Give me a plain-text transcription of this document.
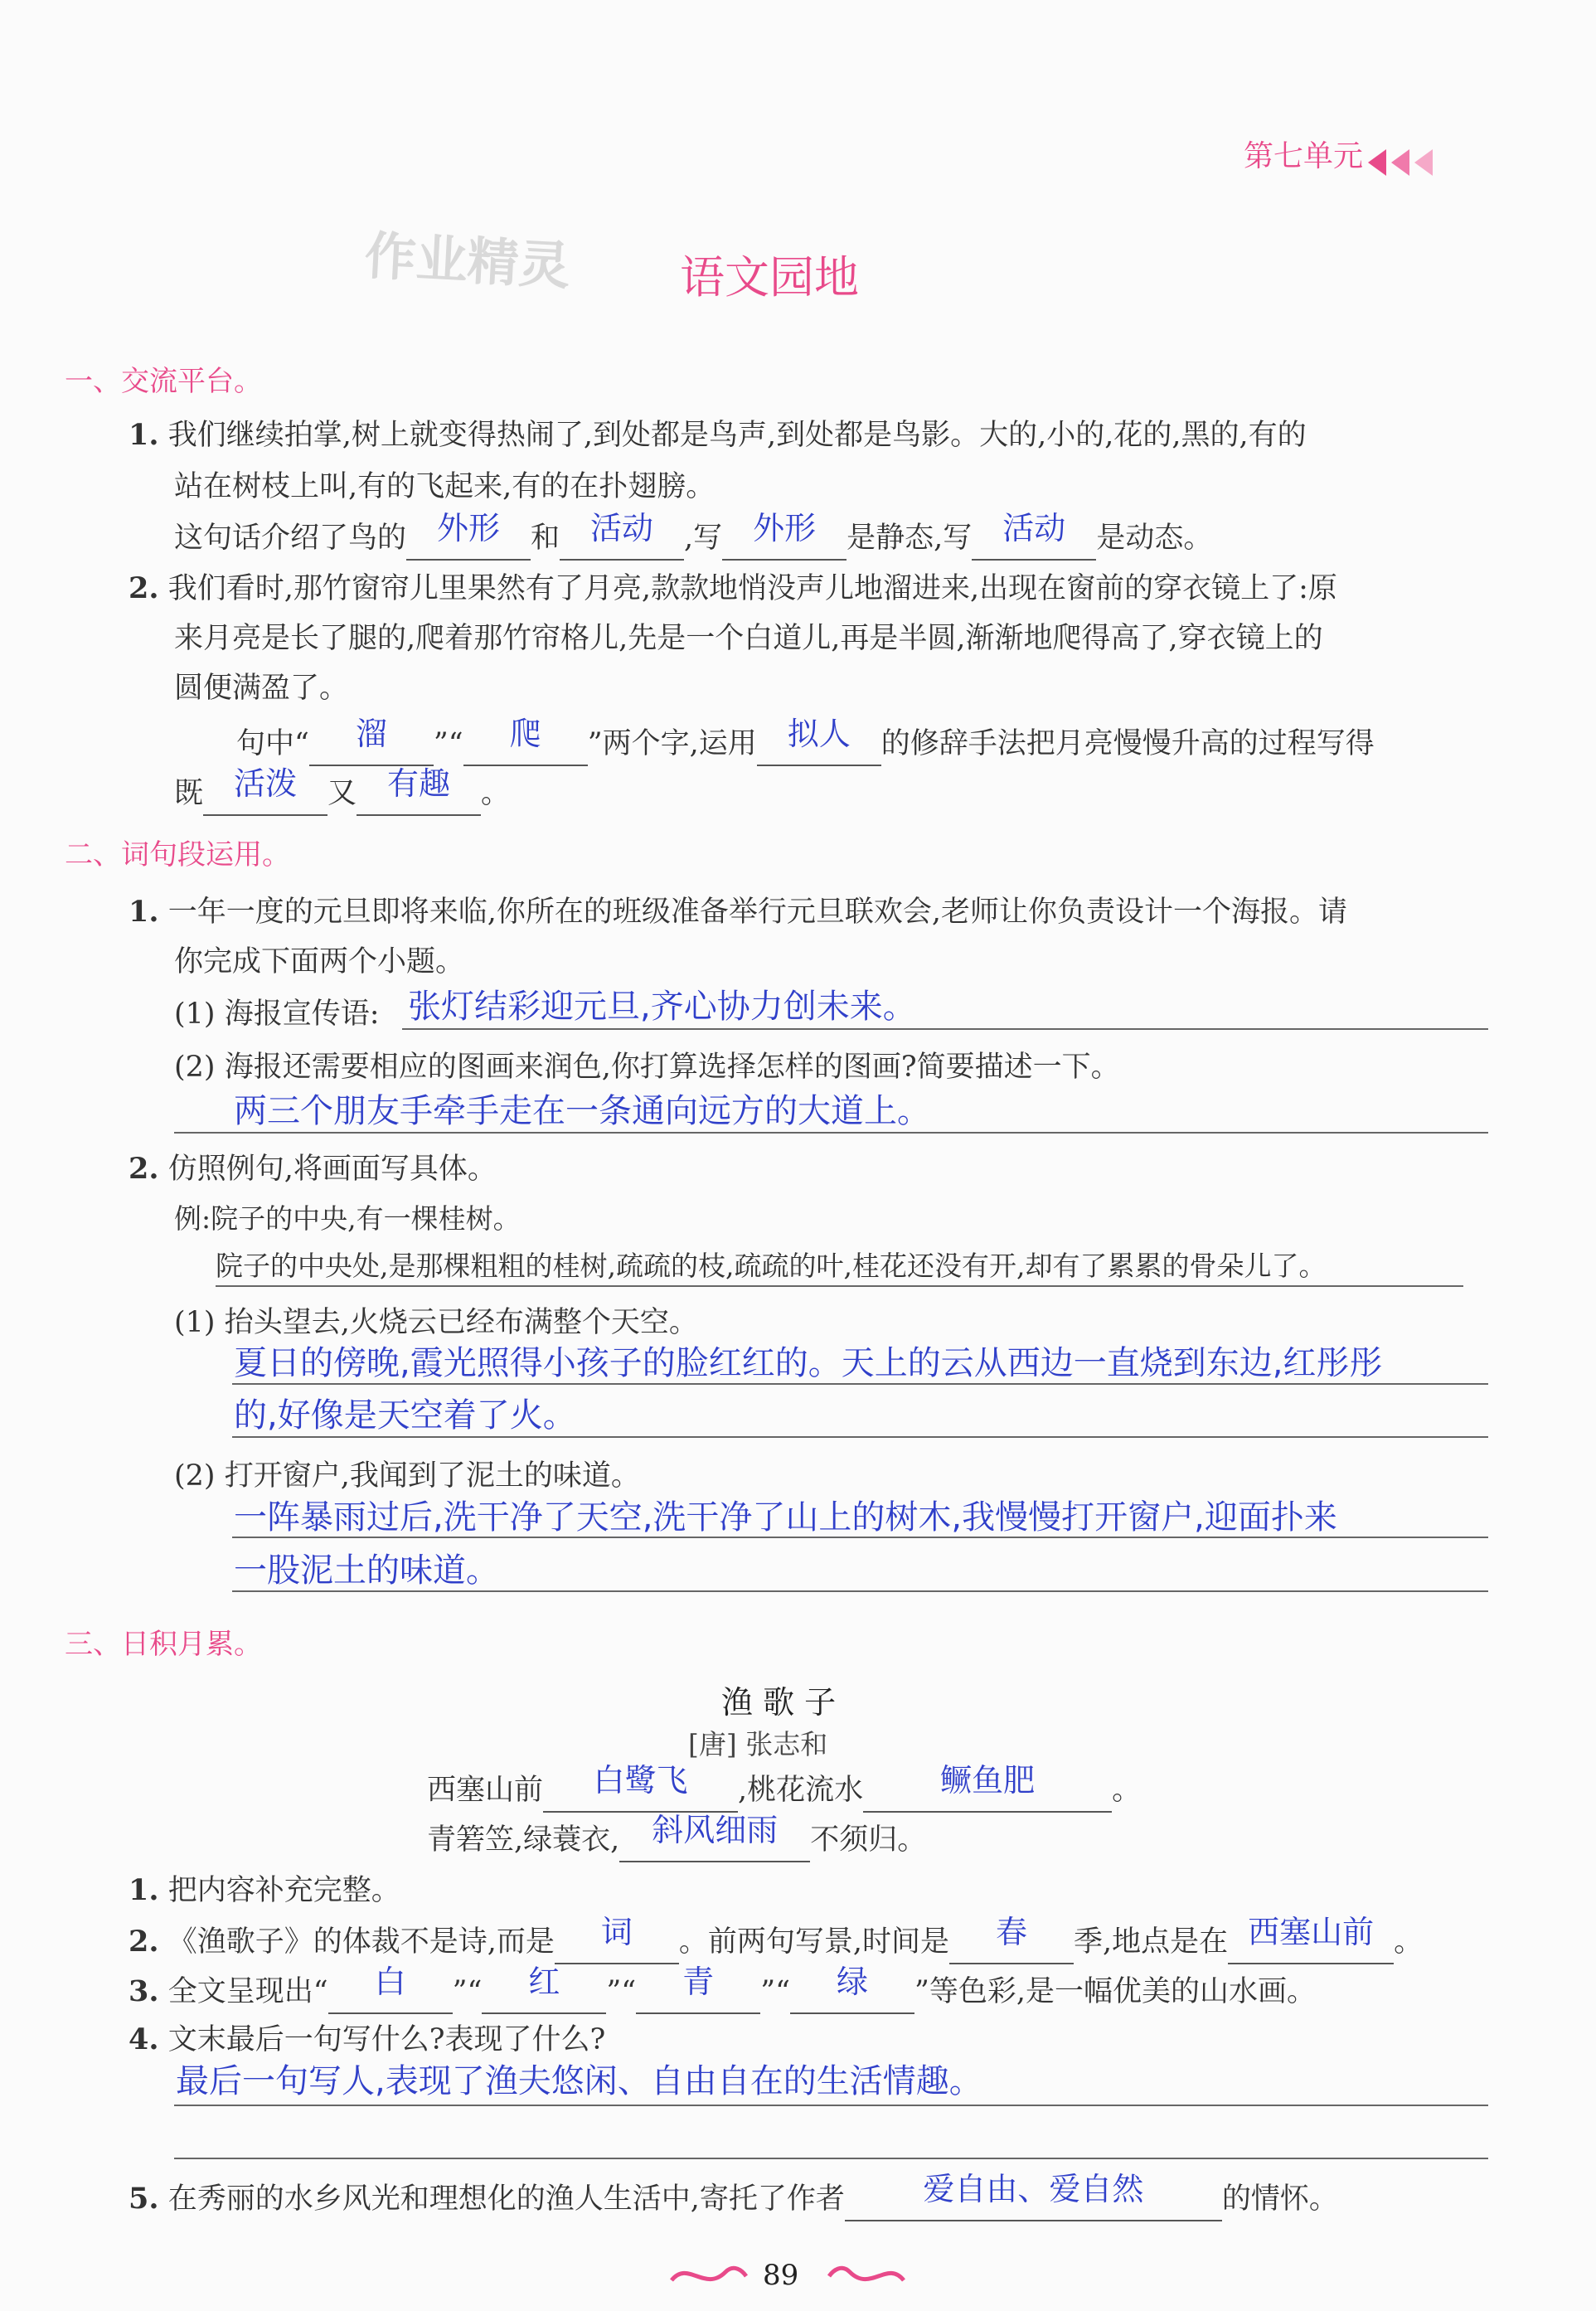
第七单元
作业精灵 语文园地
一、交流平台。
1. 我们继续拍掌,树上就变得热闹了,到处都是鸟声,到处都是鸟影。大的,小的,花的,黑的,有的
站在树枝上叫,有的飞起来,有的在扑翅膀。
这句话介绍了鸟的 外形 和 活动 ,写 外形 是静态,写 活动 是动态。
2. 我们看时,那竹窗帘儿里果然有了月亮,款款地悄没声儿地溜进来,出现在窗前的穿衣镜上了:原
来月亮是长了腿的,爬着那竹帘格儿,先是一个白道儿,再是半圆,渐渐地爬得高了,穿衣镜上的
圆便满盈了。
句中“ 溜 ”“ 爬 ”两个字,运用 拟人 的修辞手法把月亮慢慢升高的过程写得
既 活泼 又 有趣 。
二、词句段运用。
1. 一年一度的元旦即将来临,你所在的班级准备举行元旦联欢会,老师让你负责设计一个海报。请
你完成下面两个小题。
(1) 海报宣传语: 张灯结彩迎元旦,齐心协力创未来。
(2) 海报还需要相应的图画来润色,你打算选择怎样的图画?简要描述一下。
两三个朋友手牵手走在一条通向远方的大道上。
2. 仿照例句,将画面写具体。
例:院子的中央,有一棵桂树。
院子的中央处,是那棵粗粗的桂树,疏疏的枝,疏疏的叶,桂花还没有开,却有了累累的骨朵儿了。
(1) 抬头望去,火烧云已经布满整个天空。
夏日的傍晚,霞光照得小孩子的脸红红的。天上的云从西边一直烧到东边,红彤彤
的,好像是天空着了火。
(2) 打开窗户,我闻到了泥土的味道。
一阵暴雨过后,洗干净了天空,洗干净了山上的树木,我慢慢打开窗户,迎面扑来
一股泥土的味道。
三、日积月累。
渔 歌 子
[唐] 张志和
西塞山前 白鹭飞 ,桃花流水 鳜鱼肥	。
青箬笠,绿蓑衣, 斜风细雨 不须归。
1. 把内容补充完整。
2. 《渔歌子》的体裁不是诗,而是 词 。前两句写景,时间是 春 季,地点是在 西塞山前 。
3. 全文呈现出“ 白 ”“ 红 ”“ 青 ”“ 绿 ”等色彩,是一幅优美的山水画。
4. 文末最后一句写什么?表现了什么?
最后一句写人,表现了渔夫悠闲、自由自在的生活情趣。
5. 在秀丽的水乡风光和理想化的渔人生活中,寄托了作者 爱自由、爱自然	的情怀。
89
